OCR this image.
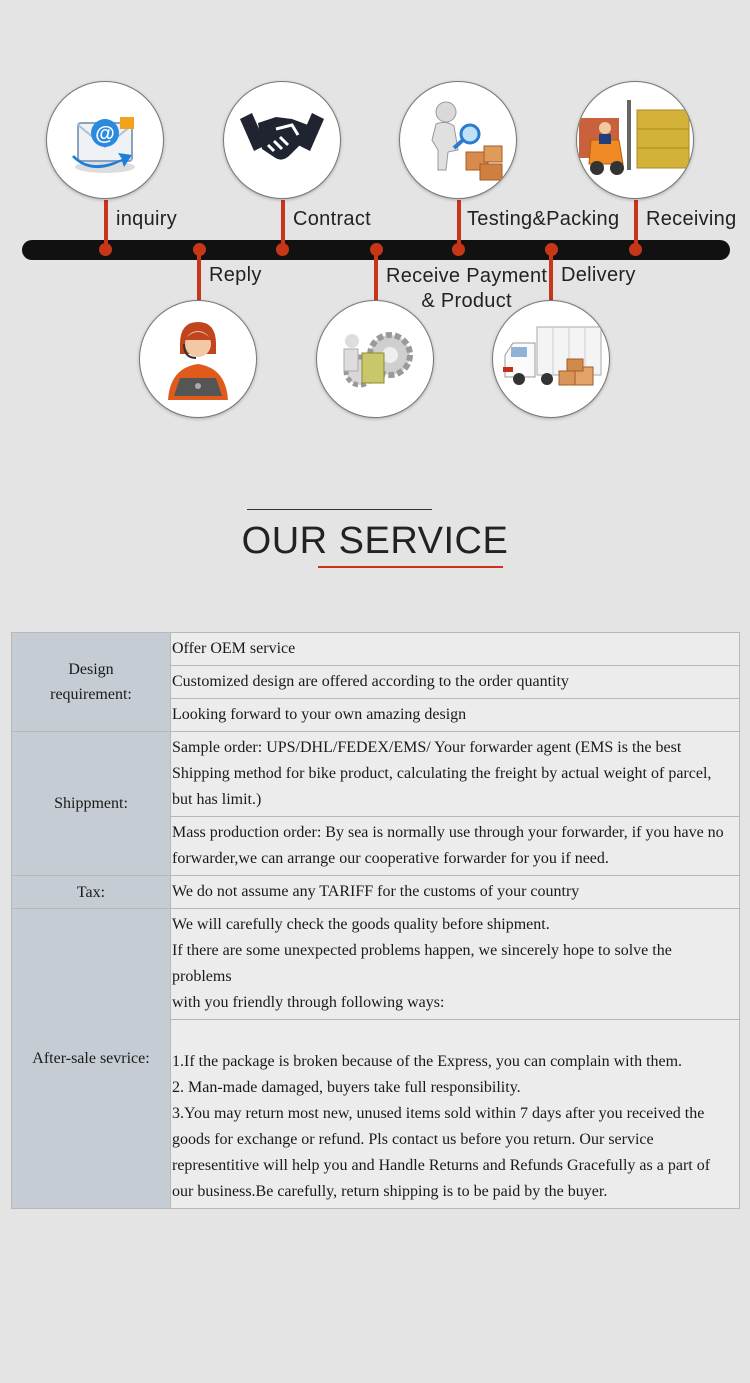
@
inquiry
Reply
Contract
Receive Payment
& Product
Testing&Packing
Delivery
Receiving
OUR SERVICE
Design
requirement:	Offer OEM service
	Customized design are offered according to the order quantity
	Looking forward to your own amazing design
Shippment:	Sample order: UPS/DHL/FEDEX/EMS/ Your forwarder agent (EMS is the best
Shipping method for bike product, calculating the freight by actual weight of parcel, but has limit.)
	Mass production order: By sea is normally use through your forwarder, if you have no forwarder,we can arrange our cooperative forwarder for you if need.
Tax:	We do not assume any TARIFF for the customs of your country
After-sale sevrice:	We will carefully check the goods quality before shipment.
If there are some unexpected problems happen, we sincerely hope to solve the problems
with you friendly through following ways:

1.If the package is broken because of the Express, you can complain with them.
2. Man-made damaged, buyers take full responsibility.
3.You may return most new, unused items sold within 7 days after you received the goods for exchange or refund. Pls contact us before you return. Our service representitive will help you and Handle Returns and Refunds Gracefully as a part of our business.Be carefully, return shipping is to be paid by the buyer.
